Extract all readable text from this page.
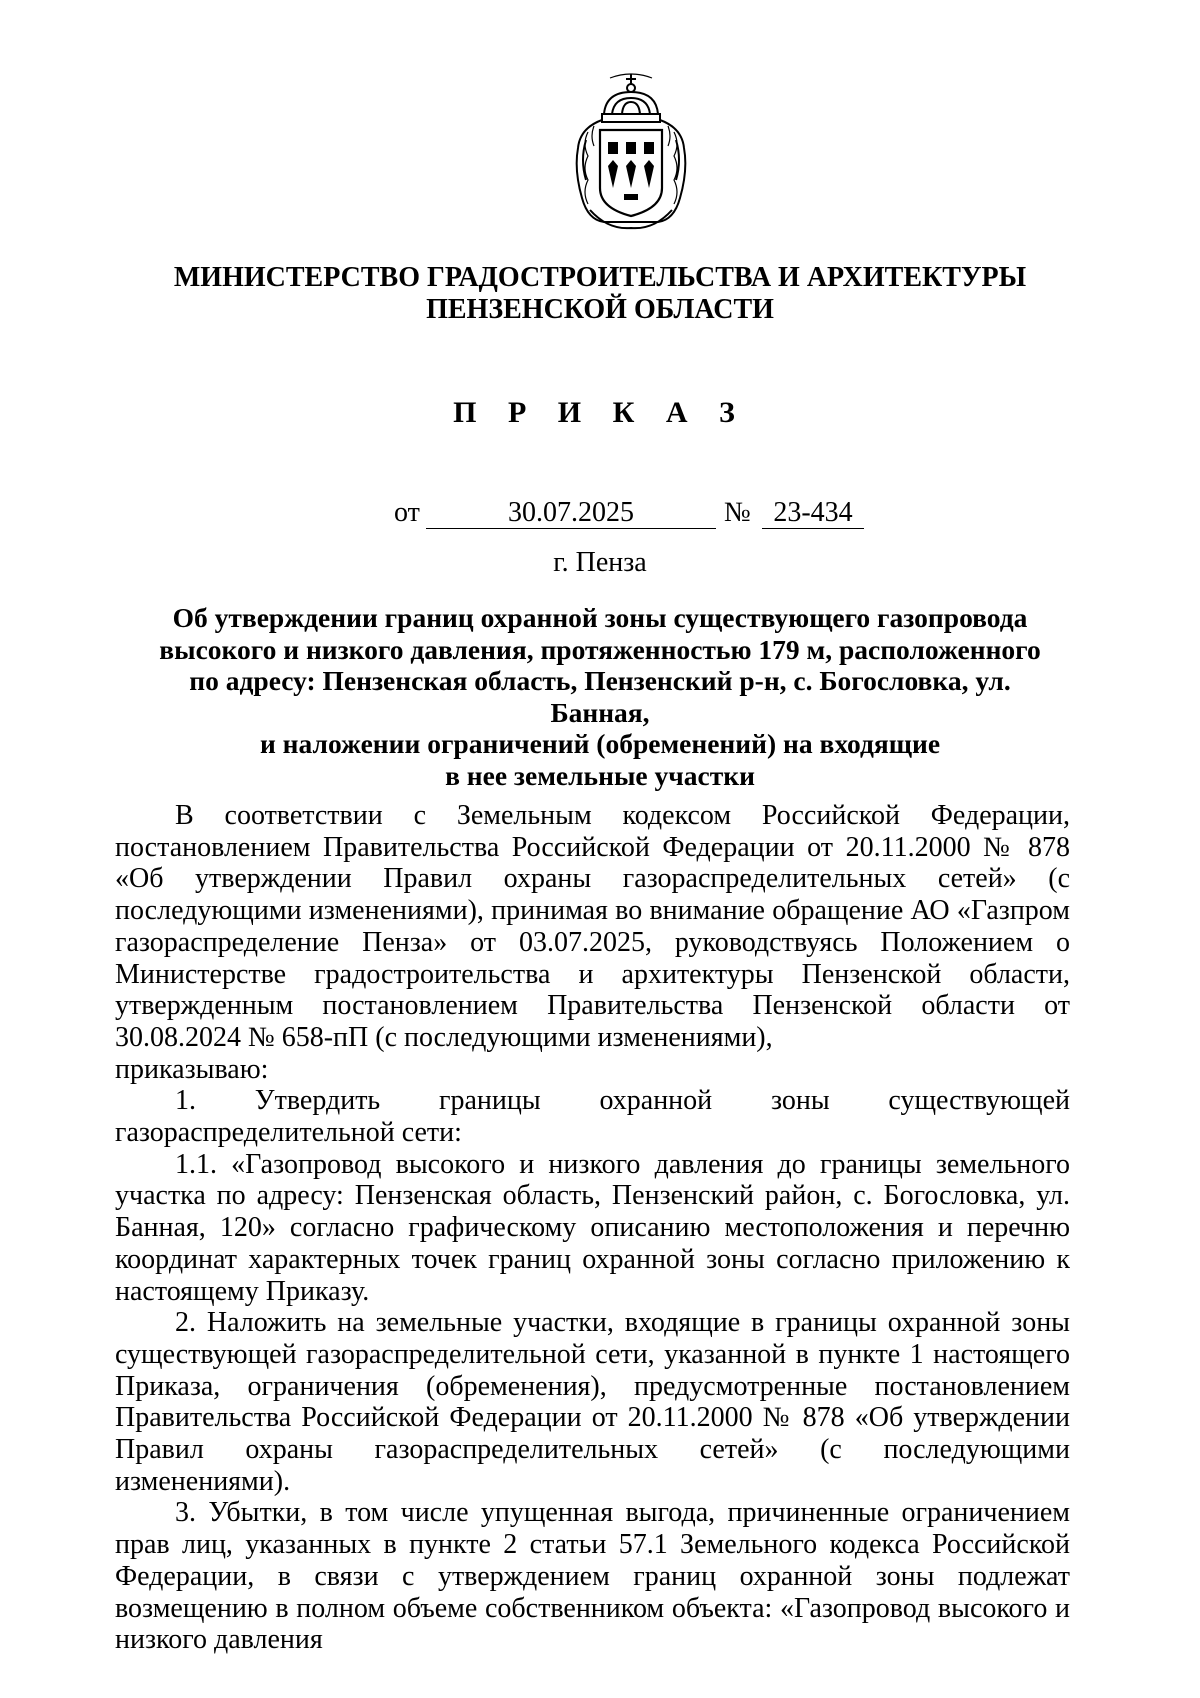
МИНИСТЕРСТВО ГРАДОСТРОИТЕЛЬСТВА И АРХИТЕКТУРЫ
ПЕНЗЕНСКОЙ ОБЛАСТИ
П Р И К А З
от	30.07.2025	№ 23-434
г. Пенза
Об утверждении границ охранной зоны существующего газопровода
высокого и низкого давления, протяженностью 179 м, расположенного
по адресу: Пензенская область, Пензенский р-н, с. Богословка, ул. Банная,
и наложении ограничений (обременений) на входящие
в нее земельные участки

В соответствии с Земельным кодексом Российской Федерации, постановлением Правительства Российской Федерации от 20.11.2000 № 878 «Об утверждении Правил охраны газораспределительных сетей» (с последующими изменениями), принимая во внимание обращение АО «Газпром газораспределение Пенза» от 03.07.2025, руководствуясь Положением о Министерстве градостроительства и архитектуры Пензенской области, утвержденным постановлением Правительства Пензенской области от 30.08.2024 № 658-пП (с последующими изменениями),

приказываю:

1. Утвердить границы охранной зоны существующей газораспределительной сети:

1.1. «Газопровод высокого и низкого давления до границы земельного участка по адресу: Пензенская область, Пензенский район, с. Богословка, ул. Банная, 120» согласно графическому описанию местоположения и перечню координат характерных точек границ охранной зоны согласно приложению к настоящему Приказу.

2. Наложить на земельные участки, входящие в границы охранной зоны существующей газораспределительной сети, указанной в пункте 1 настоящего Приказа, ограничения (обременения), предусмотренные постановлением Правительства Российской Федерации от 20.11.2000 № 878 «Об утверждении Правил охраны газораспределительных сетей» (с последующими изменениями).

3. Убытки, в том числе упущенная выгода, причиненные ограничением прав лиц, указанных в пункте 2 статьи 57.1 Земельного кодекса Российской Федерации, в связи с утверждением границ охранной зоны подлежат возмещению в полном объеме собственником объекта: «Газопровод высокого и низкого давления
